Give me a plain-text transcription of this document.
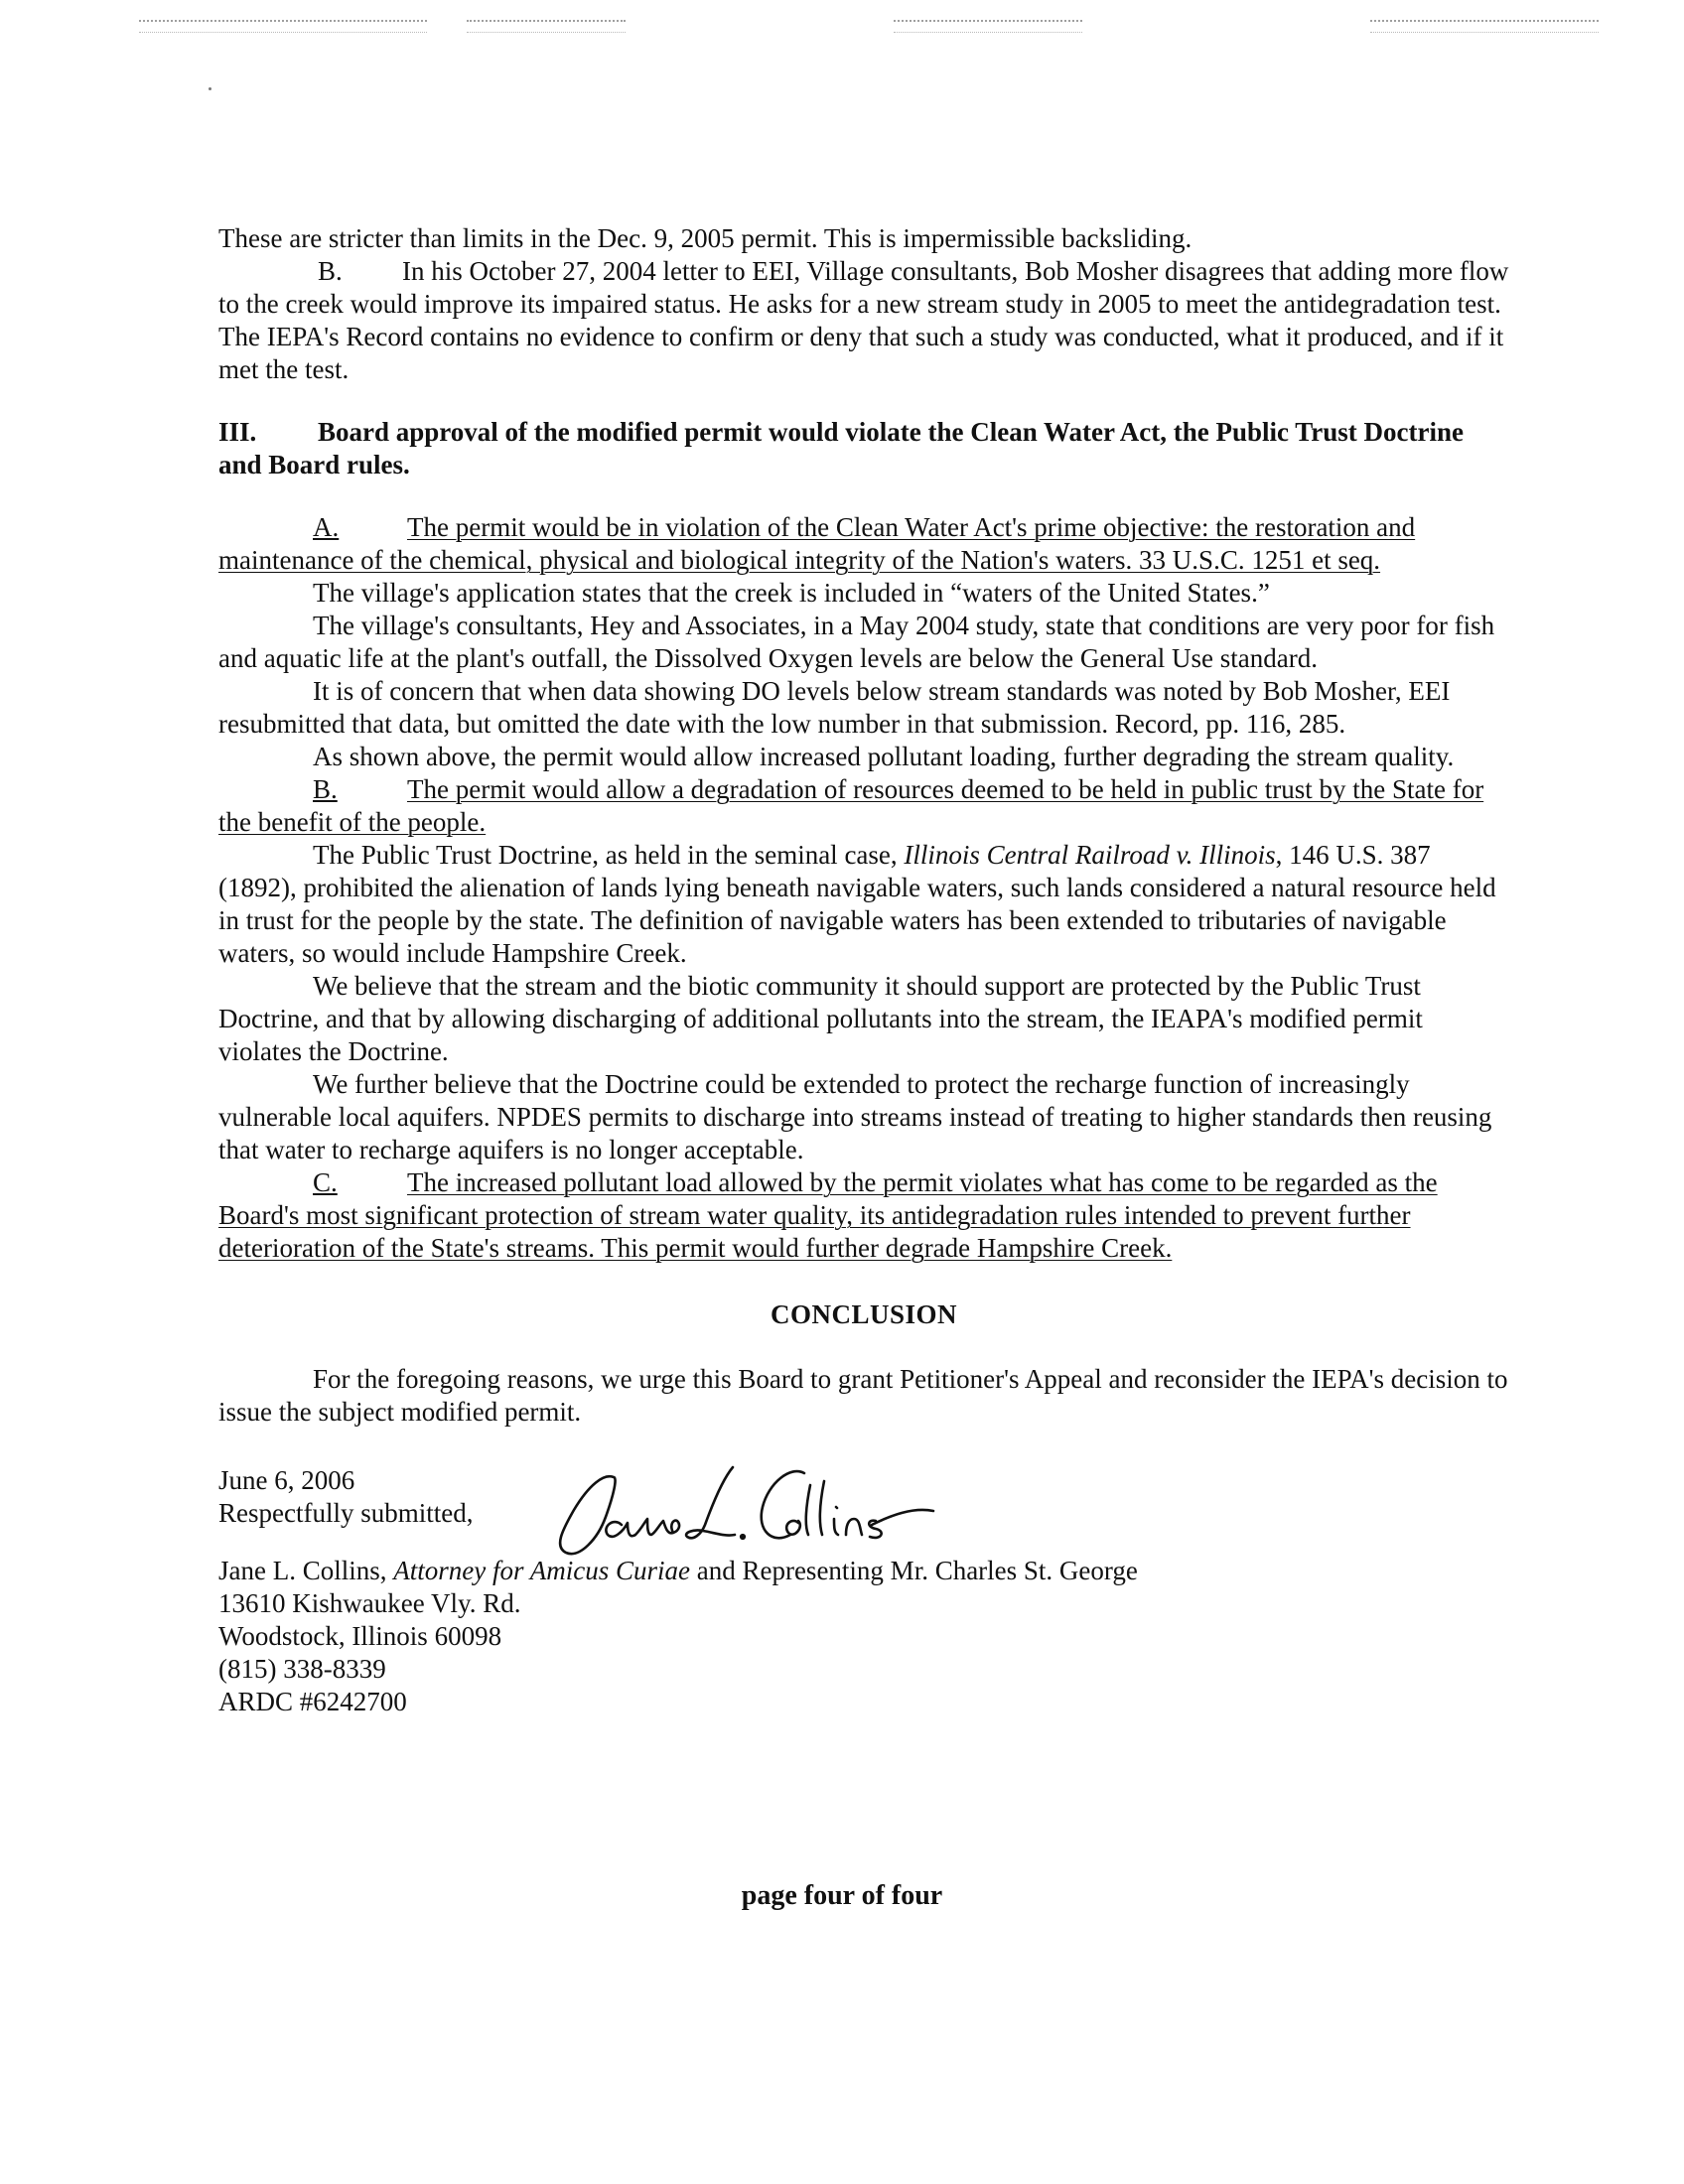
These are stricter than limits in the Dec. 9, 2005 permit. This is impermissible backsliding.

B. In his October 27, 2004 letter to EEI, Village consultants, Bob Mosher disagrees that adding more flow to the creek would improve its impaired status. He asks for a new stream study in 2005 to meet the antidegradation test. The IEPA's Record contains no evidence to confirm or deny that such a study was conducted, what it produced, and if it met the test.

III.	Board approval of the modified permit would violate the Clean Water Act, the Public Trust Doctrine and Board rules.

A.	The permit would be in violation of the Clean Water Act's prime objective: the restoration and maintenance of the chemical, physical and biological integrity of the Nation's waters. 33 U.S.C. 1251 et seq.

The village's application states that the creek is included in “waters of the United States.”

The village's consultants, Hey and Associates, in a May 2004 study, state that conditions are very poor for fish and aquatic life at the plant's outfall, the Dissolved Oxygen levels are below the General Use standard.

It is of concern that when data showing DO levels below stream standards was noted by Bob Mosher, EEI resubmitted that data, but omitted the date with the low number in that submission. Record, pp. 116, 285.

As shown above, the permit would allow increased pollutant loading, further degrading the stream quality.

B.	The permit would allow a degradation of resources deemed to be held in public trust by the State for the benefit of the people.

The Public Trust Doctrine, as held in the seminal case, Illinois Central Railroad v. Illinois, 146 U.S. 387 (1892), prohibited the alienation of lands lying beneath navigable waters, such lands considered a natural resource held in trust for the people by the state. The definition of navigable waters has been extended to tributaries of navigable waters, so would include Hampshire Creek.

We believe that the stream and the biotic community it should support are protected by the Public Trust Doctrine, and that by allowing discharging of additional pollutants into the stream, the IEAPA's modified permit violates the Doctrine.

We further believe that the Doctrine could be extended to protect the recharge function of increasingly vulnerable local aquifers. NPDES permits to discharge into streams instead of treating to higher standards then reusing that water to recharge aquifers is no longer acceptable.

C.	The increased pollutant load allowed by the permit violates what has come to be regarded as the Board's most significant protection of stream water quality, its antidegradation rules intended to prevent further deterioration of the State's streams. This permit would further degrade Hampshire Creek.

CONCLUSION

For the foregoing reasons, we urge this Board to grant Petitioner's Appeal and reconsider the IEPA's decision to issue the subject modified permit.

June 6, 2006

Respectfully submitted,

Jane L. Collins, Attorney for Amicus Curiae and Representing Mr. Charles St. George

13610 Kishwaukee Vly. Rd.

Woodstock, Illinois 60098

(815) 338-8339

ARDC #6242700

page four of four
